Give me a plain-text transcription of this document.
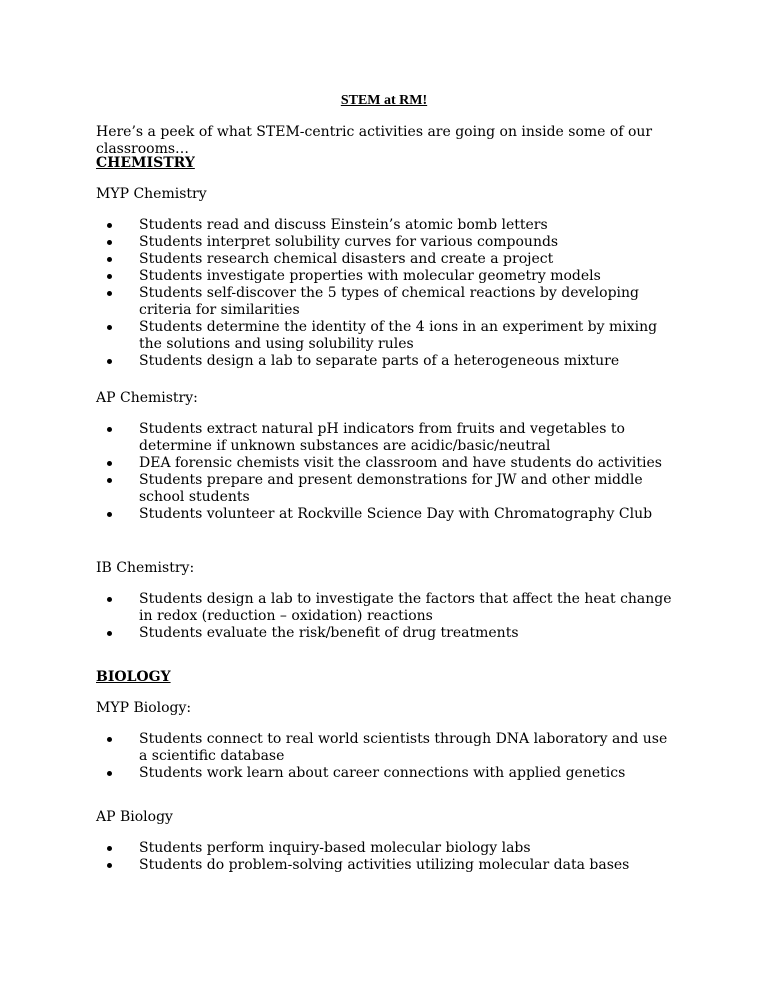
STEM at RM!
Here’s a peek of what STEM-centric activities are going on inside some of our classrooms…
CHEMISTRY
MYP Chemistry
Students read and discuss Einstein’s atomic bomb letters
Students interpret solubility curves for various compounds
Students research chemical disasters and create a project
Students investigate properties with molecular geometry models
Students self-discover the 5 types of chemical reactions by developing criteria for similarities
Students determine the identity of the 4 ions in an experiment by mixing the solutions and using solubility rules
Students design a lab to separate parts of a heterogeneous mixture
AP Chemistry:
Students extract natural pH indicators from fruits and vegetables to determine if unknown substances are acidic/basic/neutral
DEA forensic chemists visit the classroom and have students do activities
Students prepare and present demonstrations for JW and other middle school students
Students volunteer at Rockville Science Day with Chromatography Club
IB Chemistry:
Students design a lab to investigate the factors that affect the heat change in redox (reduction – oxidation) reactions
Students evaluate the risk/benefit of drug treatments
BIOLOGY
MYP Biology:
Students connect to real world scientists through DNA laboratory and use a scientific database
Students work learn about career connections with applied genetics
AP Biology
Students perform inquiry-based molecular biology labs
Students do problem-solving activities utilizing molecular data bases
